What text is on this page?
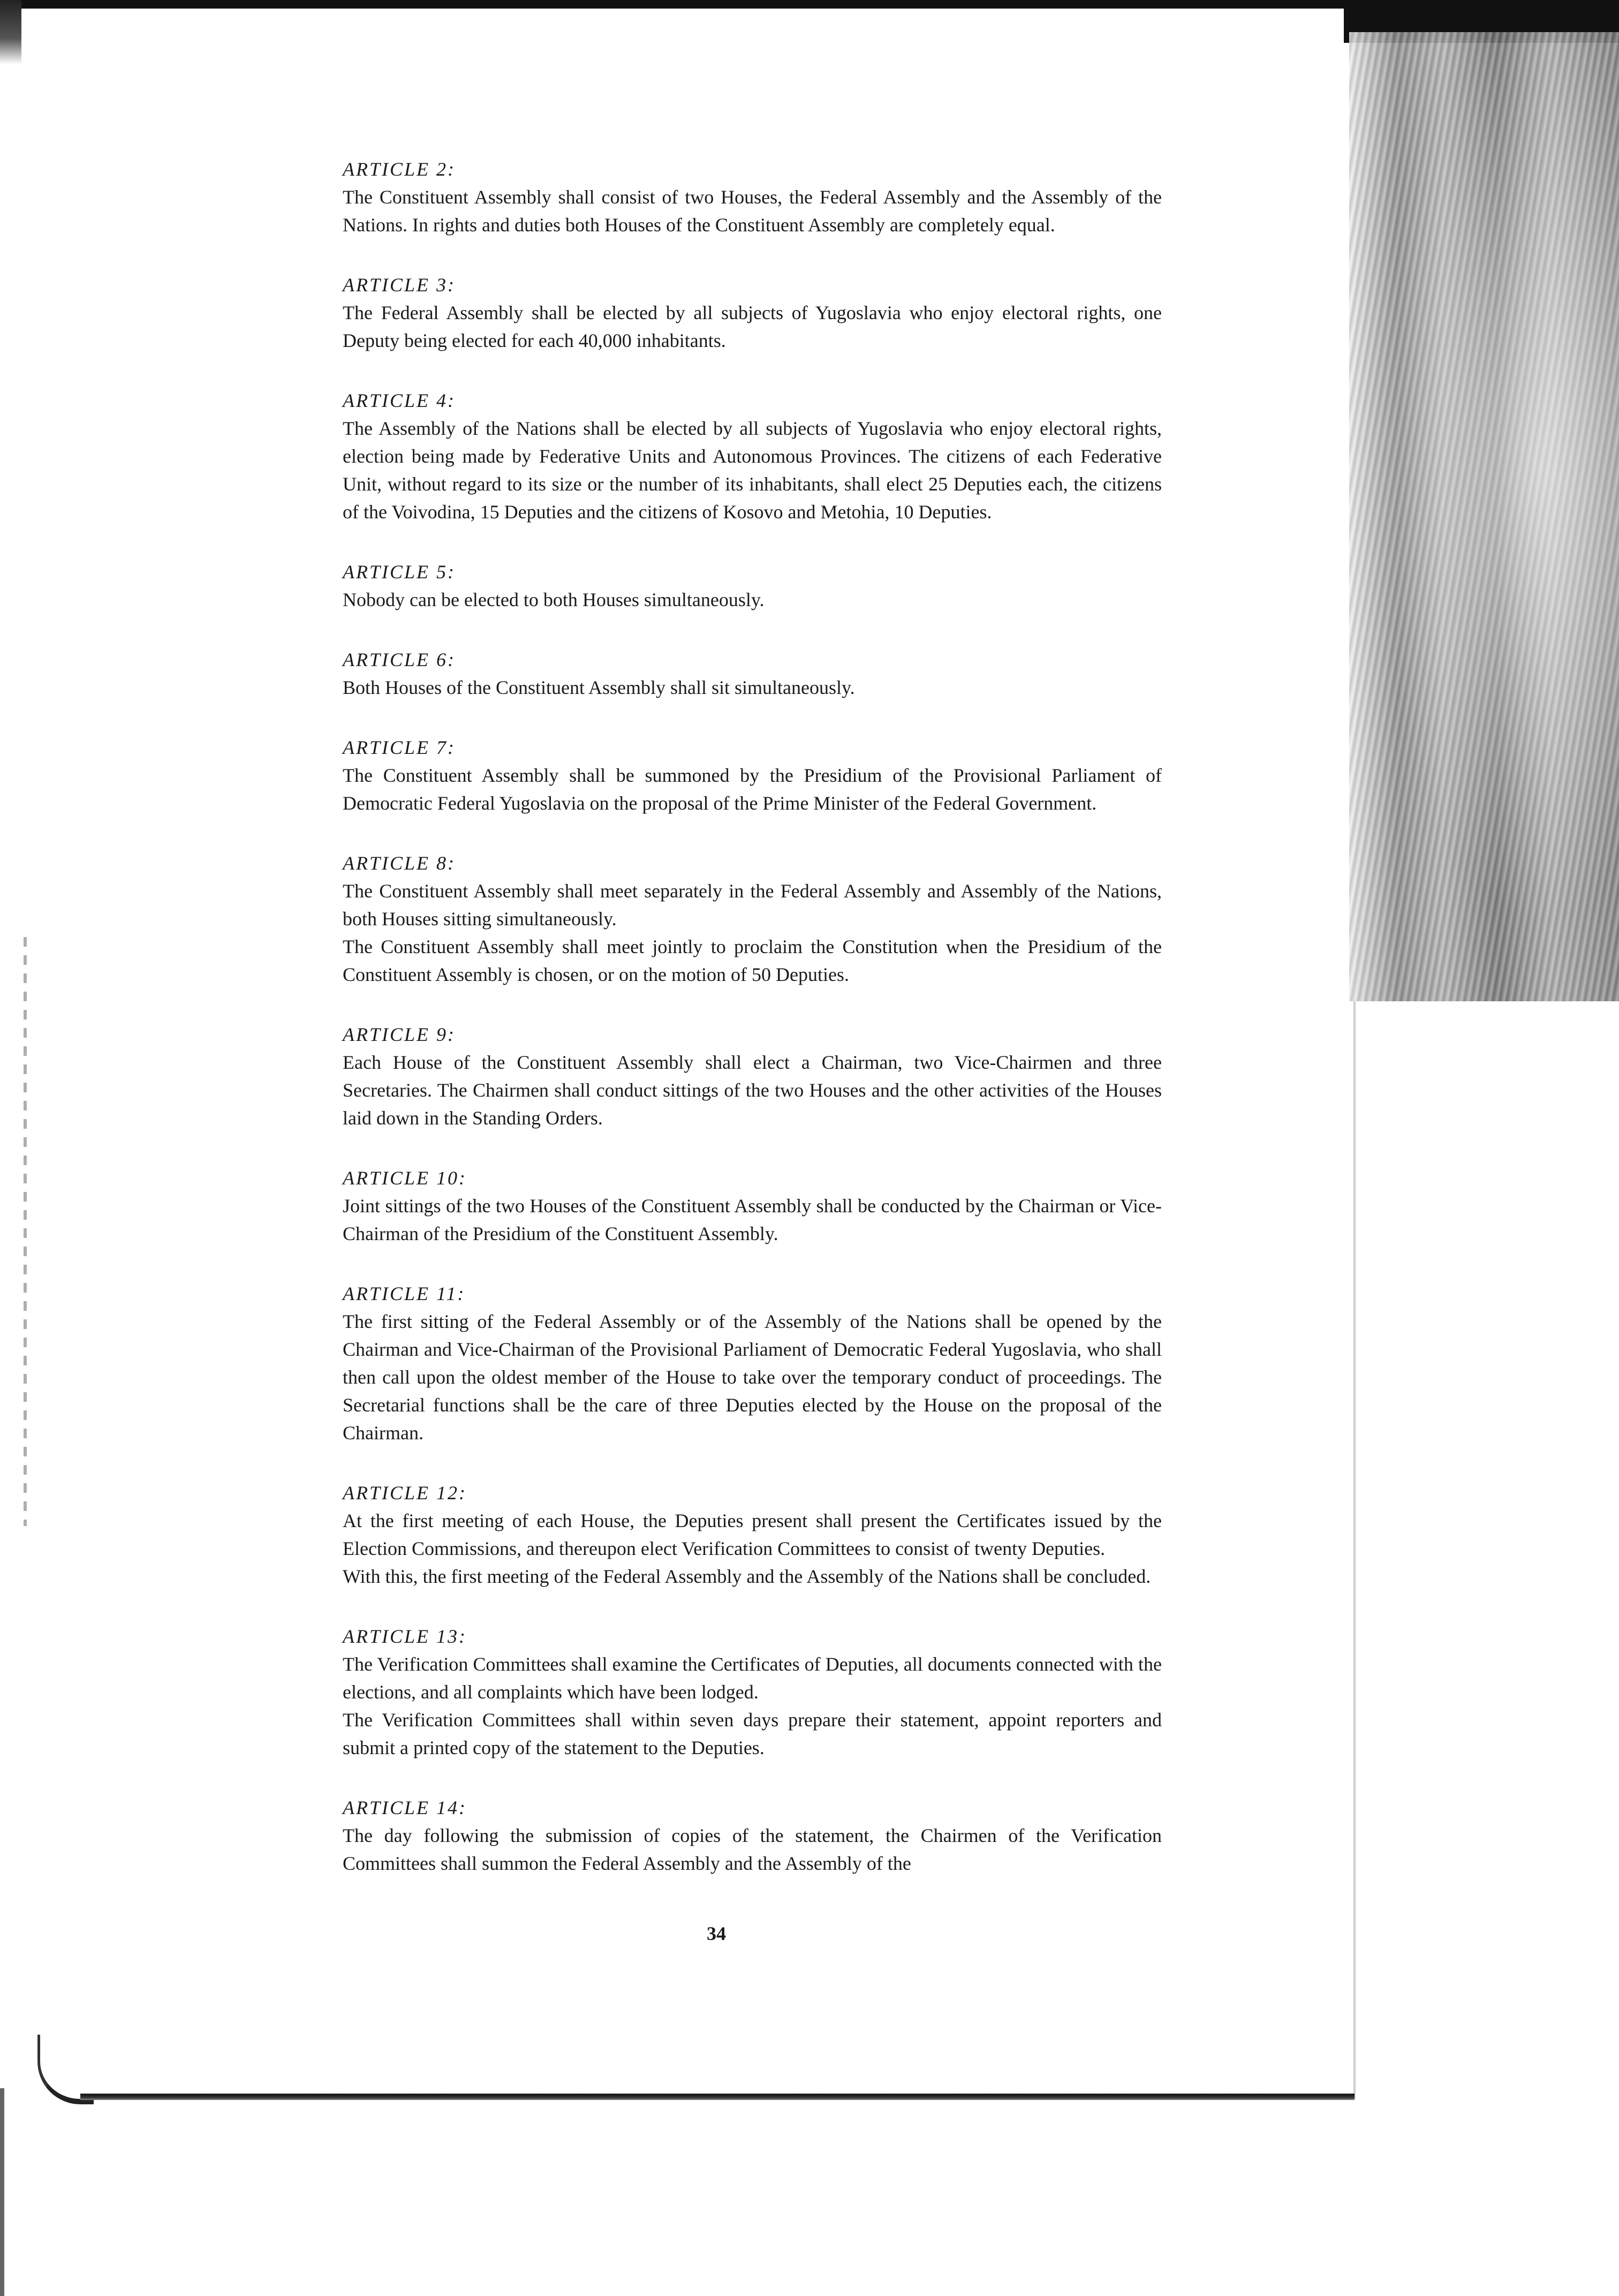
ARTICLE 2:

The Constituent Assembly shall consist of two Houses, the Federal Assembly and the Assembly of the Nations. In rights and duties both Houses of the Constituent Assembly are completely equal.

ARTICLE 3:

The Federal Assembly shall be elected by all subjects of Yugoslavia who enjoy electoral rights, one Deputy being elected for each 40,000 inhabitants.

ARTICLE 4:

The Assembly of the Nations shall be elected by all subjects of Yugoslavia who enjoy electoral rights, election being made by Federative Units and Autonomous Provinces. The citizens of each Federative Unit, without regard to its size or the number of its inhabitants, shall elect 25 Deputies each, the citizens of the Voivodina, 15 Deputies and the citizens of Kosovo and Metohia, 10 Deputies.

ARTICLE 5:

Nobody can be elected to both Houses simultaneously.

ARTICLE 6:

Both Houses of the Constituent Assembly shall sit simultaneously.

ARTICLE 7:

The Constituent Assembly shall be summoned by the Presidium of the Provisional Parliament of Democratic Federal Yugoslavia on the proposal of the Prime Minister of the Federal Government.

ARTICLE 8:

The Constituent Assembly shall meet separately in the Federal Assembly and Assembly of the Nations, both Houses sitting simultaneously.

The Constituent Assembly shall meet jointly to proclaim the Constitution when the Presidium of the Constituent Assembly is chosen, or on the motion of 50 Deputies.

ARTICLE 9:

Each House of the Constituent Assembly shall elect a Chairman, two Vice-Chairmen and three Secretaries. The Chairmen shall conduct sittings of the two Houses and the other activities of the Houses laid down in the Standing Orders.

ARTICLE 10:

Joint sittings of the two Houses of the Constituent Assembly shall be conducted by the Chairman or Vice-Chairman of the Presidium of the Constituent Assembly.

ARTICLE 11:

The first sitting of the Federal Assembly or of the Assembly of the Nations shall be opened by the Chairman and Vice-Chairman of the Provisional Parliament of Democratic Federal Yugoslavia, who shall then call upon the oldest member of the House to take over the temporary conduct of proceedings. The Secretarial functions shall be the care of three Deputies elected by the House on the proposal of the Chairman.

ARTICLE 12:

At the first meeting of each House, the Deputies present shall present the Certificates issued by the Election Commissions, and thereupon elect Verification Committees to consist of twenty Deputies.

With this, the first meeting of the Federal Assembly and the Assembly of the Nations shall be concluded.

ARTICLE 13:

The Verification Committees shall examine the Certificates of Deputies, all documents connected with the elections, and all complaints which have been lodged.

The Verification Committees shall within seven days prepare their statement, appoint reporters and submit a printed copy of the statement to the Deputies.

ARTICLE 14:

The day following the submission of copies of the statement, the Chairmen of the Verification Committees shall summon the Federal Assembly and the Assembly of the

34
